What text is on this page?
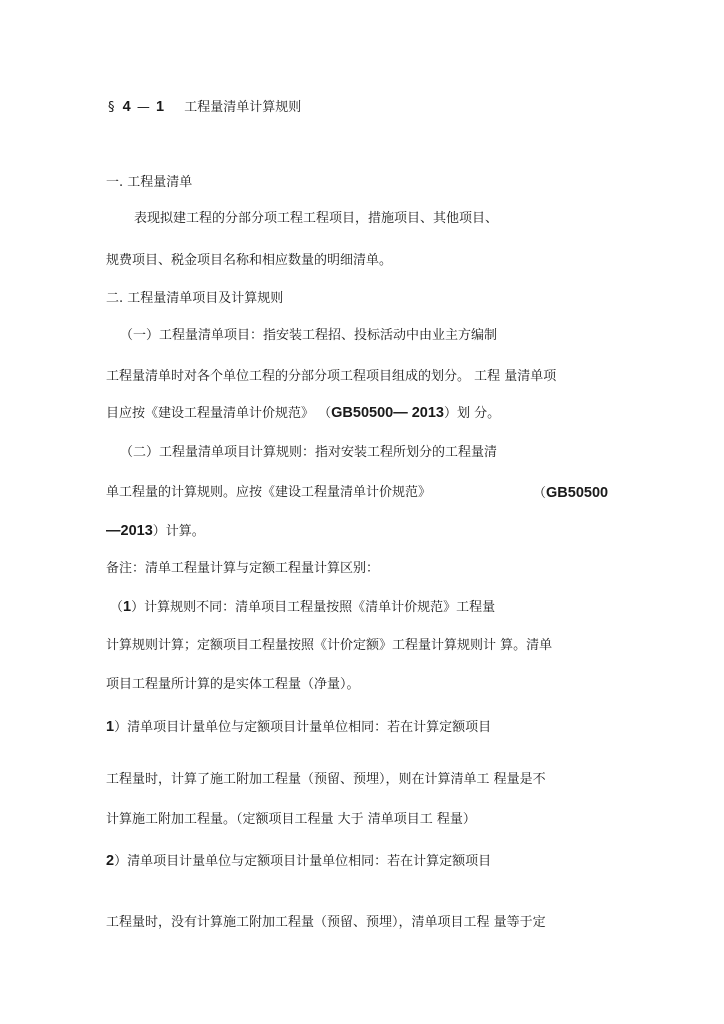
§ 4 — 1 工程量清单计算规则
一. 工程量清单
表现拟建工程的分部分项工程工程项目，措施项目、其他项目、
规费项目、税金项目名称和相应数量的明细清单。
二. 工程量清单项目及计算规则
（一）工程量清单项目：指安装工程招、投标活动中由业主方编制
工程量清单时对各个单位工程的分部分项工程项目组成的划分。 工程 量清单项
目应按《建设工程量清单计价规范》 （GB50500— 2013）划 分。
（二）工程量清单项目计算规则：指对安装工程所划分的工程量清
单工程量的计算规则。应按《建设工程量清单计价规范》	（GB50500
—2013）计算。
备注：清单工程量计算与定额工程量计算区别：
（1）计算规则不同：清单项目工程量按照《清单计价规范》工程量
计算规则计算；定额项目工程量按照《计价定额》工程量计算规则计 算。清单
项目工程量所计算的是实体工程量（净量）。
1）清单项目计量单位与定额项目计量单位相同：若在计算定额项目
工程量时，计算了施工附加工程量（预留、预埋），则在计算清单工 程量是不
计算施工附加工程量。（定额项目工程量 大于 清单项目工 程量）
2）清单项目计量单位与定额项目计量单位相同：若在计算定额项目
工程量时，没有计算施工附加工程量（预留、预埋），清单项目工程 量等于定
